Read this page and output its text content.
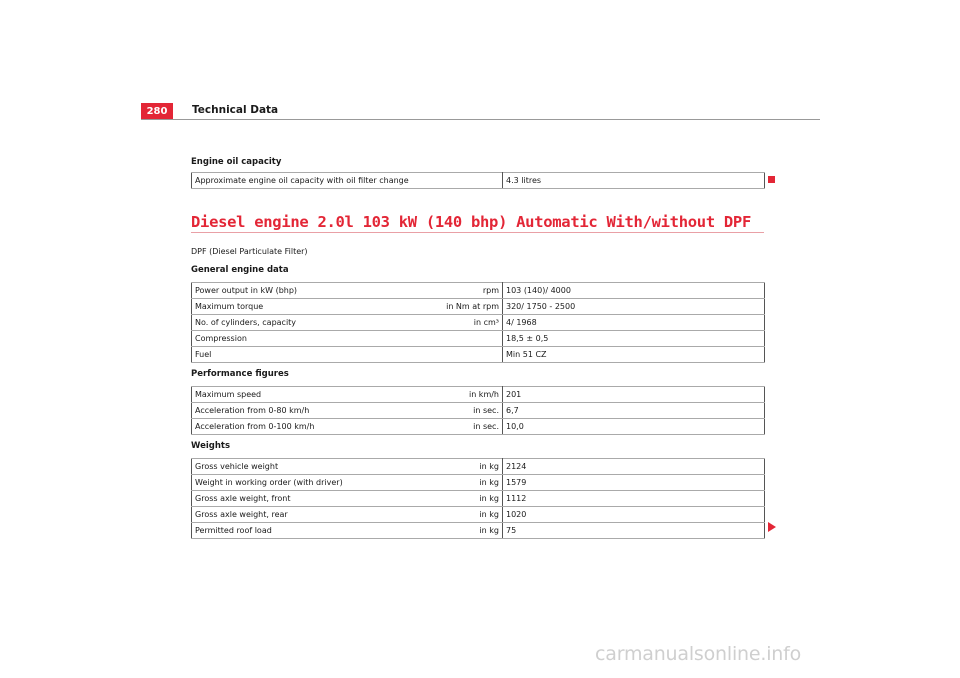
280	Technical Data
Engine oil capacity
Approximate engine oil capacity with oil filter change		4.3 litres
Diesel engine 2.0l 103 kW (140 bhp) Automatic With/without DPF
DPF (Diesel Particulate Filter)
General engine data
Power output in kW (bhp)	rpm	103 (140)/ 4000
Maximum torque	in Nm at rpm	320/ 1750 - 2500
No. of cylinders, capacity	in cm³	4/ 1968
Compression		18,5 ± 0,5
Fuel		Min 51 CZ
Performance figures
Maximum speed	in km/h	201
Acceleration from 0-80 km/h	in sec.	6,7
Acceleration from 0-100 km/h	in sec.	10,0
Weights
Gross vehicle weight	in kg	2124
Weight in working order (with driver)	in kg	1579
Gross axle weight, front	in kg	1112
Gross axle weight, rear	in kg	1020
Permitted roof load	in kg	75
carmanualsonline.info
